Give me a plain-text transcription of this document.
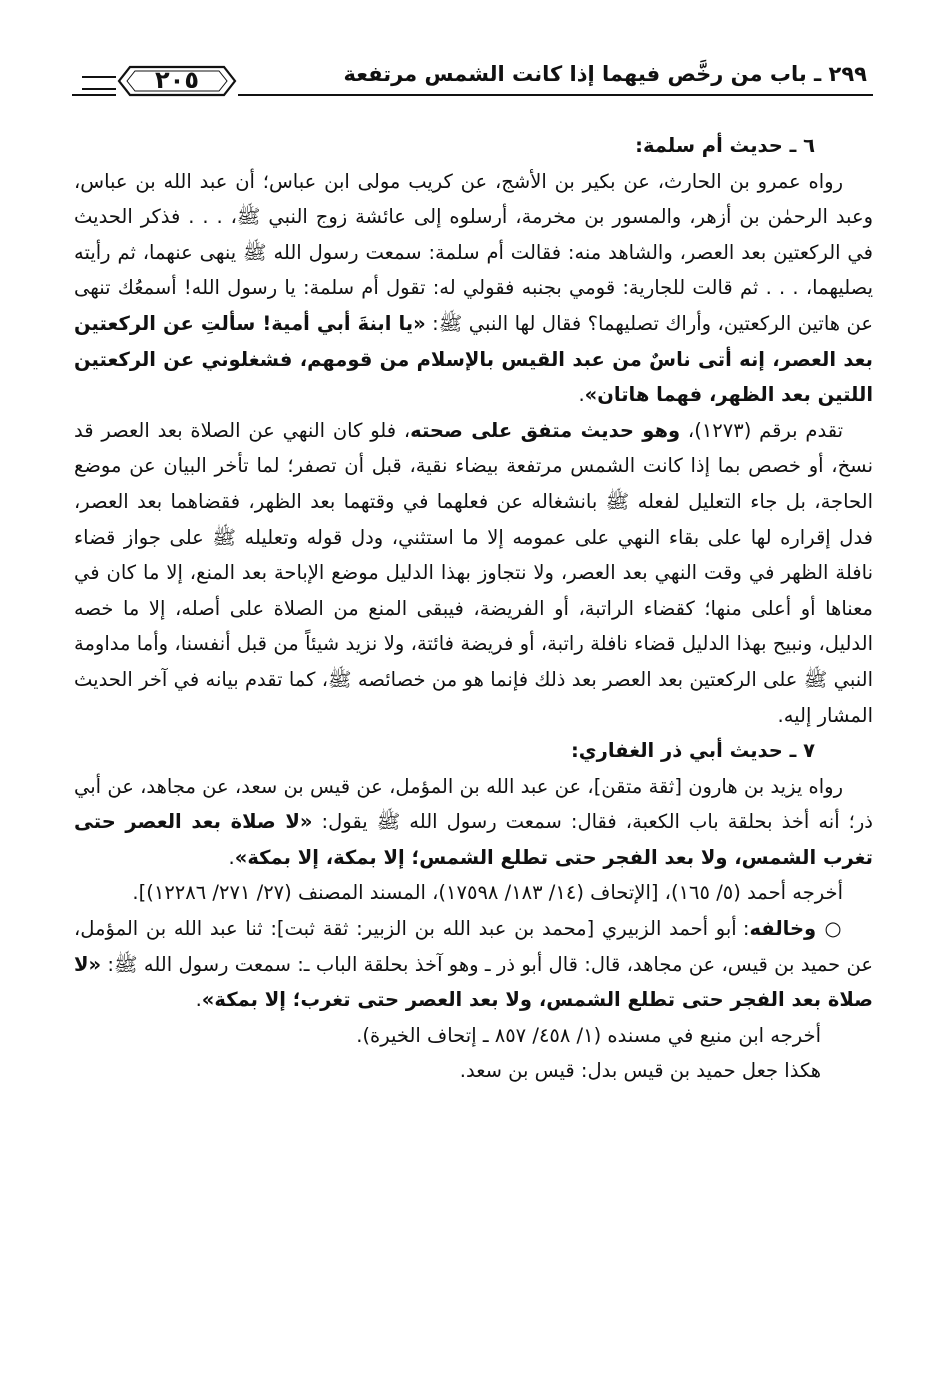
٢٩٩ ـ باب من رخَّص فيهما إذا كانت الشمس مرتفعة
٢٠٥

٦ ـ حديث أم سلمة:

رواه عمرو بن الحارث، عن بكير بن الأشج، عن كريب مولى ابن عباس؛ أن عبد الله بن عباس، وعبد الرحمٰن بن أزهر، والمسور بن مخرمة، أرسلوه إلى عائشة زوج النبي ﷺ، . . . فذكر الحديث في الركعتين بعد العصر، والشاهد منه: فقالت أم سلمة: سمعت رسول الله ﷺ ينهى عنهما، ثم رأيته يصليهما، . . . ثم قالت للجارية: قومي بجنبه فقولي له: تقول أم سلمة: يا رسول الله! أسمعُك تنهى عن هاتين الركعتين، وأراك تصليهما؟ فقال لها النبي ﷺ: «يا ابنةَ أبي أمية! سألتِ عن الركعتين بعد العصر، إنه أتى ناسٌ من عبد القيس بالإسلام من قومهم، فشغلوني عن الركعتين اللتين بعد الظهر، فهما هاتان».

تقدم برقم (١٢٧٣)، وهو حديث متفق على صحته، فلو كان النهي عن الصلاة بعد العصر قد نسخ، أو خصص بما إذا كانت الشمس مرتفعة بيضاء نقية، قبل أن تصفر؛ لما تأخر البيان عن موضع الحاجة، بل جاء التعليل لفعله ﷺ بانشغاله عن فعلهما في وقتهما بعد الظهر، فقضاهما بعد العصر، فدل إقراره لها على بقاء النهي على عمومه إلا ما استثني، ودل قوله وتعليله ﷺ على جواز قضاء نافلة الظهر في وقت النهي بعد العصر، ولا نتجاوز بهذا الدليل موضع الإباحة بعد المنع، إلا ما كان في معناها أو أعلى منها؛ كقضاء الراتبة، أو الفريضة، فيبقى المنع من الصلاة على أصله، إلا ما خصه الدليل، ونبيح بهذا الدليل قضاء نافلة راتبة، أو فريضة فائتة، ولا نزيد شيئاً من قبل أنفسنا، وأما مداومة النبي ﷺ على الركعتين بعد العصر بعد ذلك فإنما هو من خصائصه ﷺ، كما تقدم بيانه في آخر الحديث المشار إليه.

٧ ـ حديث أبي ذر الغفاري:

رواه يزيد بن هارون [ثقة متقن]، عن عبد الله بن المؤمل، عن قيس بن سعد، عن مجاهد، عن أبي ذر؛ أنه أخذ بحلقة باب الكعبة، فقال: سمعت رسول الله ﷺ يقول: «لا صلاة بعد العصر حتى تغرب الشمس، ولا بعد الفجر حتى تطلع الشمس؛ إلا بمكة، إلا بمكة».

أخرجه أحمد (٥/ ١٦٥)، [الإتحاف (١٤/ ١٨٣/ ١٧٥٩٨)، المسند المصنف (٢٧/ ٢٧١/ ١٢٢٨٦)].

○ وخالفه: أبو أحمد الزبيري [محمد بن عبد الله بن الزبير: ثقة ثبت]: ثنا عبد الله بن المؤمل، عن حميد بن قيس، عن مجاهد، قال: قال أبو ذر ـ وهو آخذ بحلقة الباب ـ: سمعت رسول الله ﷺ: «لا صلاة بعد الفجر حتى تطلع الشمس، ولا بعد العصر حتى تغرب؛ إلا بمكة».

أخرجه ابن منيع في مسنده (١/ ٤٥٨/ ٨٥٧ ـ إتحاف الخيرة).

هكذا جعل حميد بن قيس بدل: قيس بن سعد.
